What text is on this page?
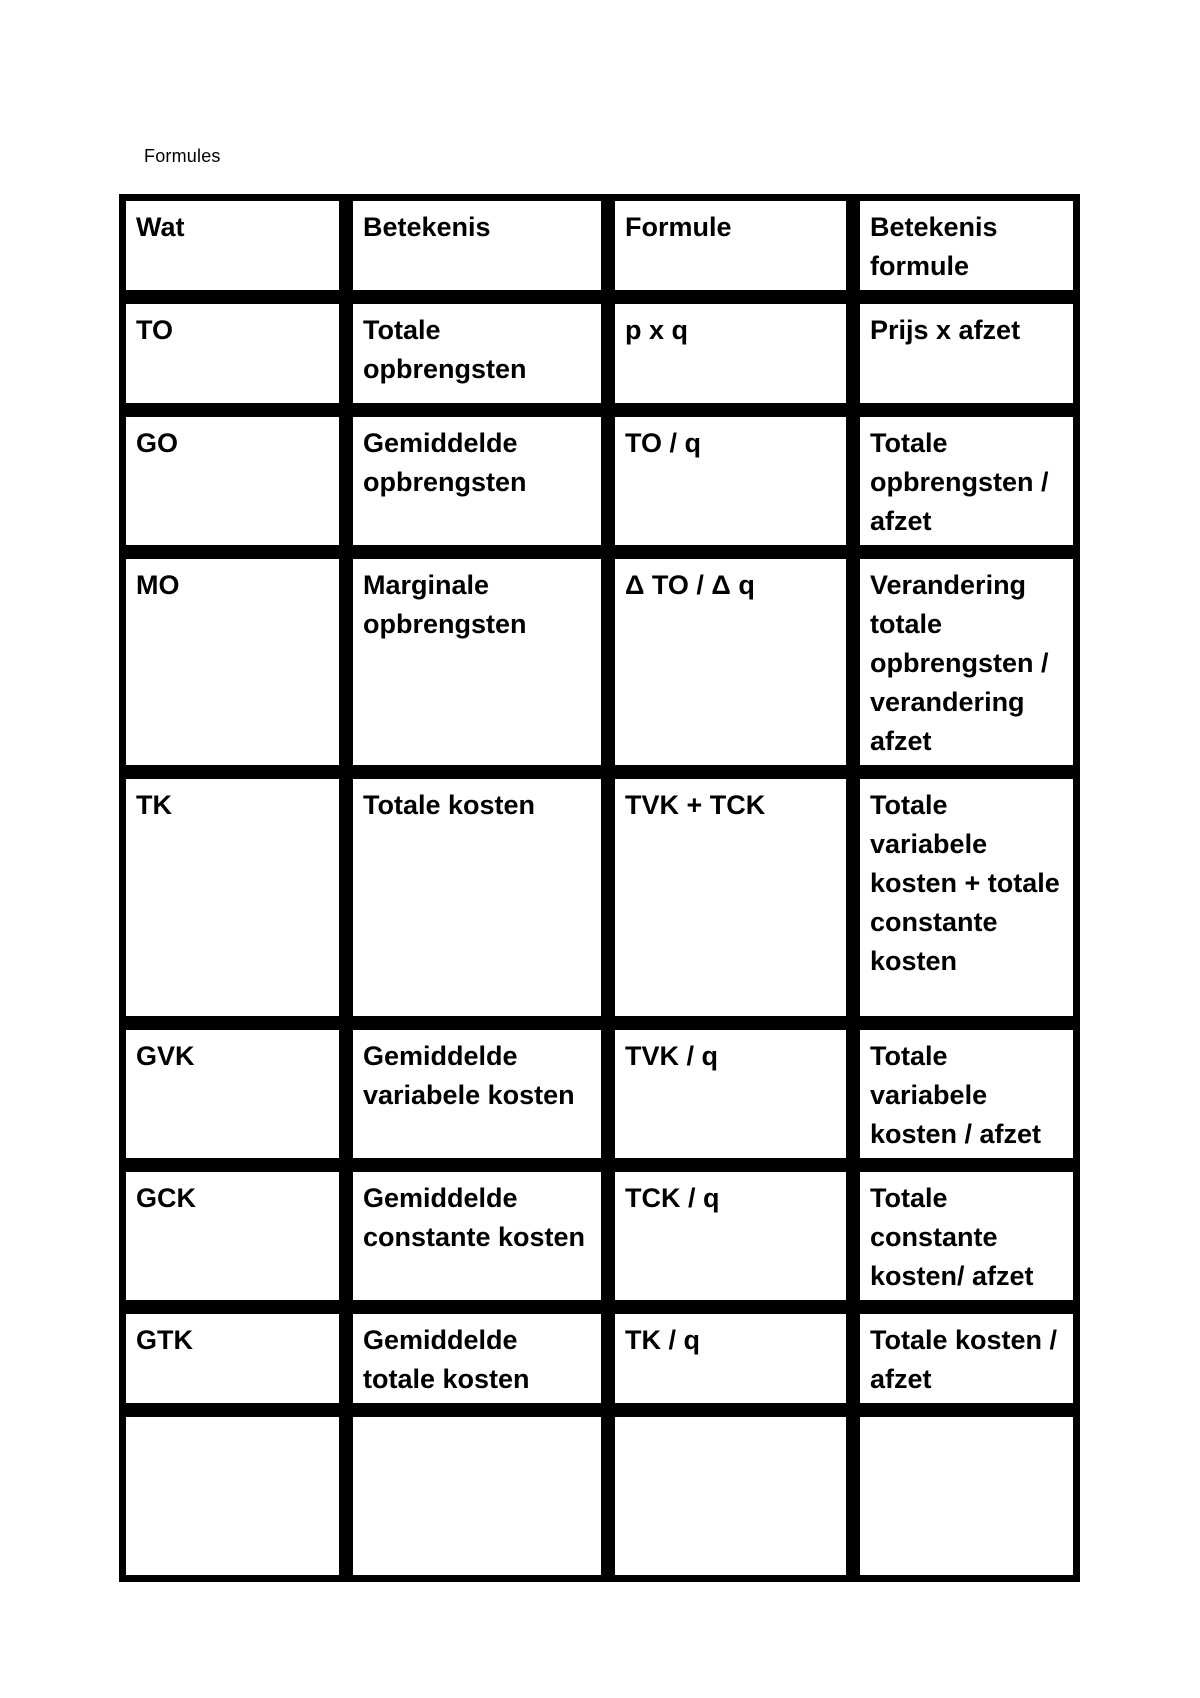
Formules
Wat	Betekenis	Formule	Betekenis formule
TO	Totale opbrengsten	p x q	Prijs x afzet
GO	Gemiddelde opbrengsten	TO / q	Totale opbrengsten / afzet
MO	Marginale opbrengsten	Δ TO / Δ q	Verandering totale opbrengsten / verandering afzet
TK	Totale kosten	TVK + TCK	Totale variabele kosten + totale constante kosten
GVK	Gemiddelde variabele kosten	TVK / q	Totale variabele kosten / afzet
GCK	Gemiddelde constante kosten	TCK / q	Totale constante kosten/ afzet
GTK	Gemiddelde totale kosten	TK / q	Totale kosten / afzet
